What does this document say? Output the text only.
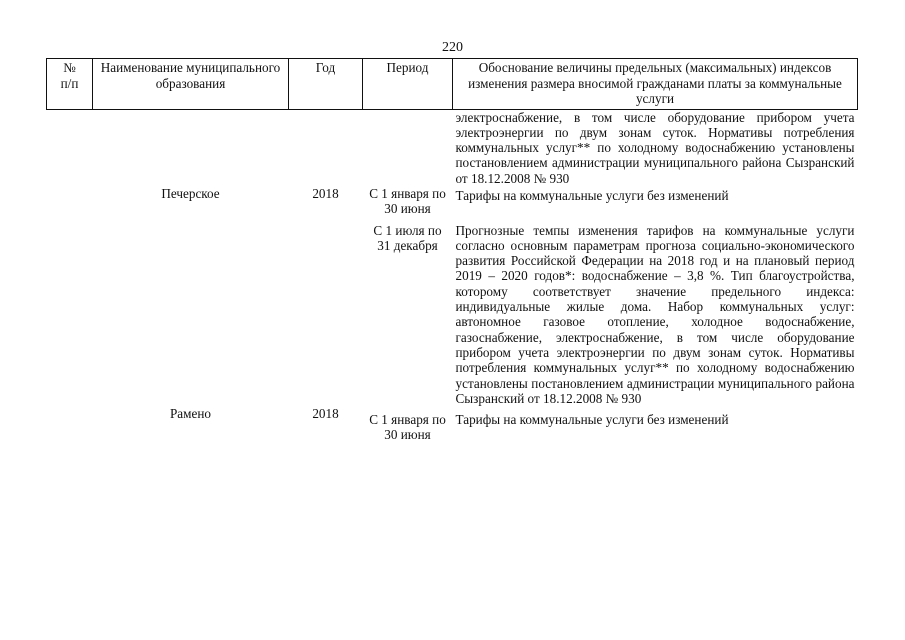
220
№
п/п	Наименование муниципального образования	Год	Период	Обоснование величины предельных (максимальных) индексов изменения размера вносимой гражданами платы за коммунальные услуги
				электроснабжение, в том числе оборудование прибором учета электроэнергии по двум зонам суток. Нормативы потребления коммунальных услуг** по холодному водоснабжению установлены постановлением администрации муниципального района Сызранский от 18.12.2008 № 930
	Печерское	2018	С 1 января по 30 июня	Тарифы на коммунальные услуги без изменений
			С 1 июля по 31 декабря	Прогнозные темпы изменения тарифов на коммунальные услуги согласно основным параметрам прогноза социально-экономического развития Российской Федерации на 2018 год и на плановый период 2019 – 2020 годов*: водоснабжение – 3,8 %. Тип благоустройства, которому соответствует значение предельного индекса: индивидуальные жилые дома. Набор коммунальных услуг: автономное газовое отопление, холодное водоснабжение, газоснабжение, электроснабжение, в том числе оборудование прибором учета электроэнергии по двум зонам суток. Нормативы потребления коммунальных услуг** по холодному водоснабжению установлены постановлением администрации муниципального района Сызранский от 18.12.2008 № 930
	Рамено	2018	С 1 января по 30 июня	Тарифы на коммунальные услуги без изменений
